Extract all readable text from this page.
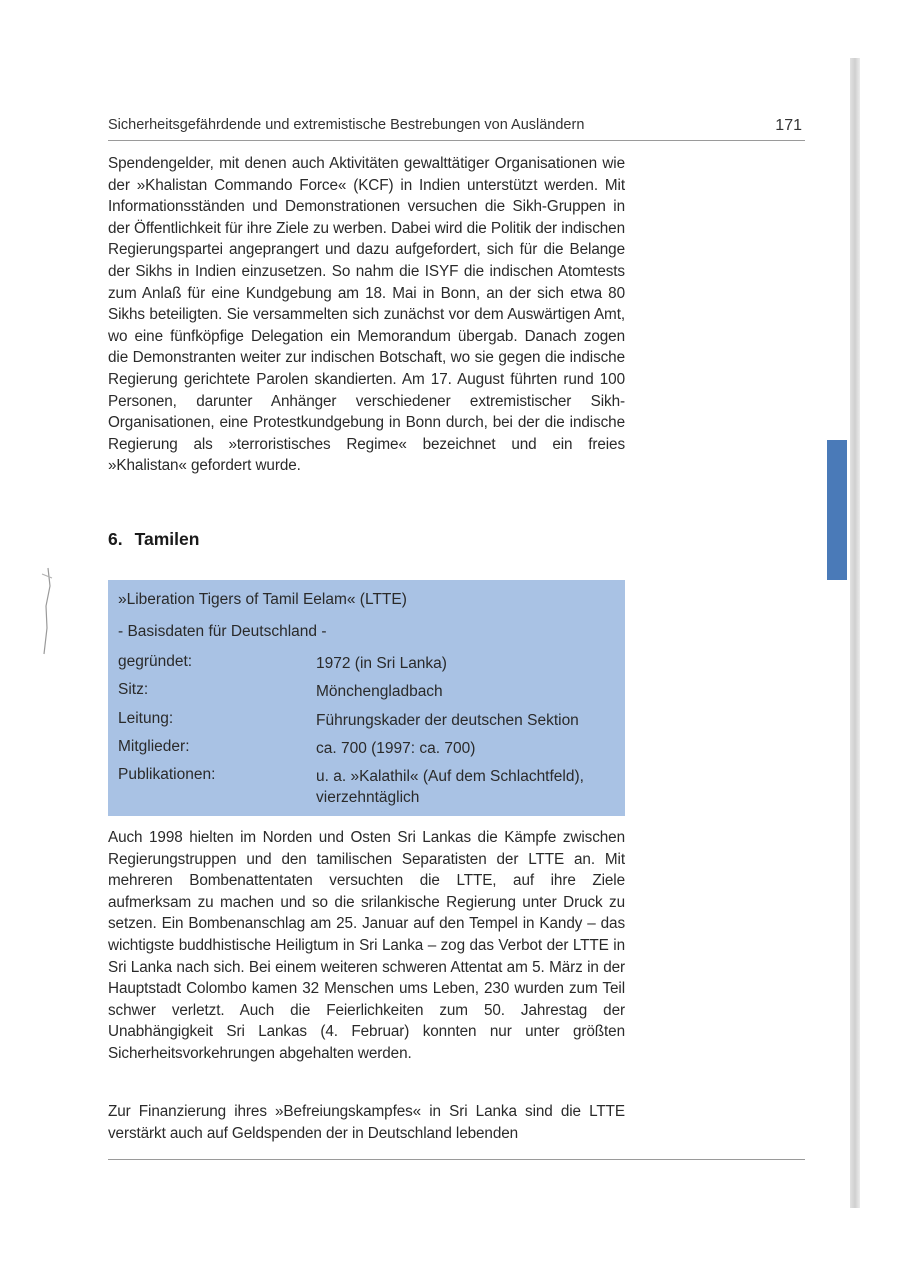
Sicherheitsgefährdende und extremistische Bestrebungen von Ausländern	171

Spendengelder, mit denen auch Aktivitäten gewalttätiger Organisationen wie der »Khalistan Commando Force« (KCF) in Indien unterstützt werden. Mit Informationsständen und Demonstrationen versuchen die Sikh-Gruppen in der Öffentlichkeit für ihre Ziele zu werben. Dabei wird die Politik der indischen Regierungspartei angeprangert und dazu aufgefordert, sich für die Belange der Sikhs in Indien einzusetzen. So nahm die ISYF die indischen Atomtests zum Anlaß für eine Kundgebung am 18. Mai in Bonn, an der sich etwa 80 Sikhs beteiligten. Sie versammelten sich zunächst vor dem Auswärtigen Amt, wo eine fünfköpfige Delegation ein Memorandum übergab. Danach zogen die Demonstranten weiter zur indischen Botschaft, wo sie gegen die indische Regierung gerichtete Parolen skandierten. Am 17. August führten rund 100 Personen, darunter Anhänger verschiedener extremistischer Sikh-Organisationen, eine Protestkundgebung in Bonn durch, bei der die indische Regierung als »terroristisches Regime« bezeichnet und ein freies »Khalistan« gefordert wurde.

6. Tamilen
»Liberation Tigers of Tamil Eelam« (LTTE)
- Basisdaten für Deutschland -
gegründet:	1972 (in Sri Lanka)
Sitz:	Mönchengladbach
Leitung:	Führungskader der deutschen Sektion
Mitglieder:	ca. 700 (1997: ca. 700)
Publikationen:	u. a. »Kalathil« (Auf dem Schlachtfeld), vierzehntäglich

Auch 1998 hielten im Norden und Osten Sri Lankas die Kämpfe zwischen Regierungstruppen und den tamilischen Separatisten der LTTE an. Mit mehreren Bombenattentaten versuchten die LTTE, auf ihre Ziele aufmerksam zu machen und so die srilankische Regierung unter Druck zu setzen. Ein Bombenanschlag am 25. Januar auf den Tempel in Kandy – das wichtigste buddhistische Heiligtum in Sri Lanka – zog das Verbot der LTTE in Sri Lanka nach sich. Bei einem weiteren schweren Attentat am 5. März in der Hauptstadt Colombo kamen 32 Menschen ums Leben, 230 wurden zum Teil schwer verletzt. Auch die Feierlichkeiten zum 50. Jahrestag der Unabhängigkeit Sri Lankas (4. Februar) konnten nur unter größten Sicherheitsvorkehrungen abgehalten werden.

Zur Finanzierung ihres »Befreiungskampfes« in Sri Lanka sind die LTTE verstärkt auch auf Geldspenden der in Deutschland lebenden
